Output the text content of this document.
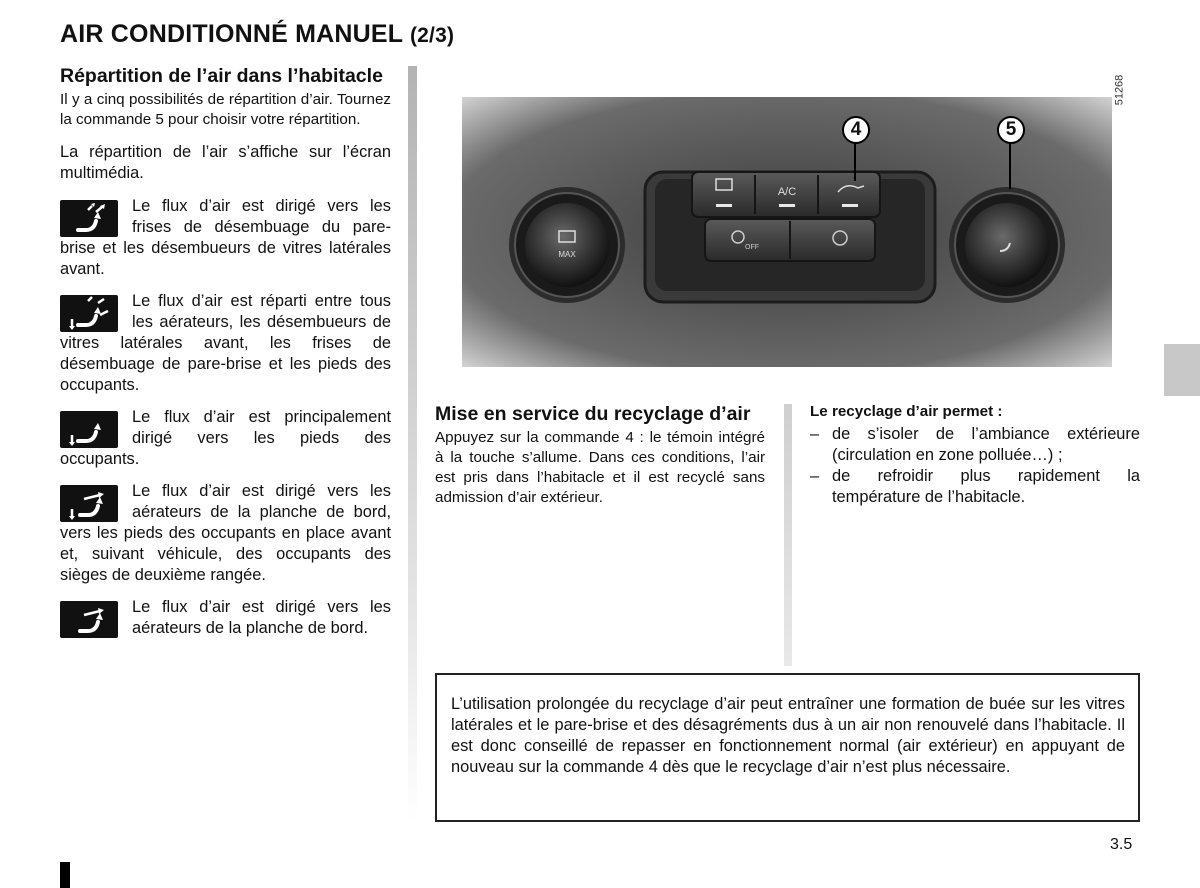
AIR CONDITIONNÉ MANUEL (2/3)
Répartition de l’air dans l’habitacle

Il y a cinq possibilités de répartition d’air. Tournez la commande 5 pour choisir votre répartition.

La répartition de l’air s’affiche sur l’écran multimédia.

Le flux d’air est dirigé vers les frises de désembuage du pare-brise et les désembueurs de vitres latérales avant.
Le flux d’air est réparti entre tous les aérateurs, les désembueurs de vitres latérales avant, les frises de désembuage de pare-brise et les pieds des occupants.
Le flux d’air est principalement dirigé vers les pieds des occupants.
Le flux d’air est dirigé vers les aérateurs de la planche de bord, vers les pieds des occupants en place avant et, suivant véhicule, des occupants des sièges de deuxième rangée.
Le flux d’air est dirigé vers les aérateurs de la planche de bord.
A/C
OFF
MAX
4	5
51268
Mise en service du recyclage d’air

Appuyez sur la commande 4 : le témoin intégré à la touche s’allume. Dans ces conditions, l’air est pris dans l’habitacle et il est recyclé sans admission d’air extérieur.

Le recyclage d’air permet :

– de s’isoler de l’ambiance extérieure (circulation en zone polluée…) ;
– de refroidir plus rapidement la température de l’habitacle.

L’utilisation prolongée du recyclage d’air peut entraîner une formation de buée sur les vitres latérales et le pare-brise et des désagréments dus à un air non renouvelé dans l’habitacle. Il est donc conseillé de repasser en fonctionnement normal (air extérieur) en appuyant de nouveau sur la commande 4 dès que le recyclage d’air n’est plus nécessaire.

3.5
